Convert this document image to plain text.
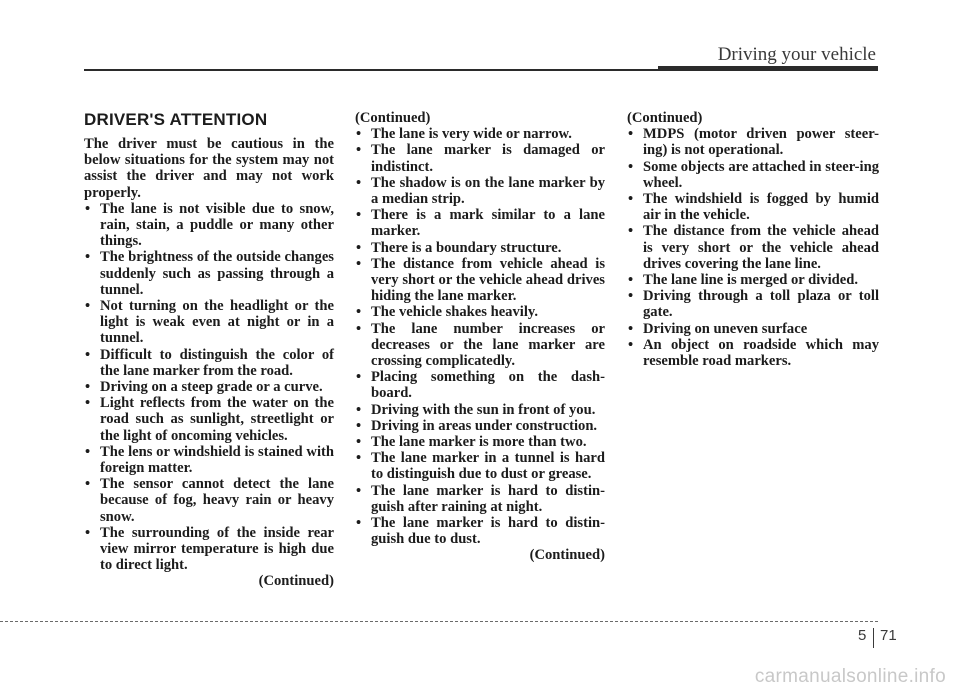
Driving your vehicle
DRIVER'S ATTENTION
The driver must be cautious in the below situations for the system may not assist the driver and may not work properly.
• The lane is not visible due to snow, rain, stain, a puddle or many other things.
• The brightness of the outside changes suddenly such as passing through a tunnel.
• Not turning on the headlight or the light is weak even at night or in a tunnel.
• Difficult to distinguish the color of the lane marker from the road.
• Driving on a steep grade or a curve.
• Light reflects from the water on the road such as sunlight, streetlight or the light of oncoming vehicles.
• The lens or windshield is stained with foreign matter.
• The sensor cannot detect the lane because of fog, heavy rain or heavy snow.
• The surrounding of the inside rear view mirror temperature is high due to direct light.
(Continued)
(Continued)
• The lane is very wide or narrow.
• The lane marker is damaged or indistinct.
• The shadow is on the lane marker by a median strip.
• There is a mark similar to a lane marker.
• There is a boundary structure.
• The distance from vehicle ahead is very short or the vehicle ahead drives hiding the lane marker.
• The vehicle shakes heavily.
• The lane number increases or decreases or the lane marker are crossing complicatedly.
• Placing something on the dash-board.
• Driving with the sun in front of you.
• Driving in areas under construction.
• The lane marker is more than two.
• The lane marker in a tunnel is hard to distinguish due to dust or grease.
• The lane marker is hard to distin-guish after raining at night.
• The lane marker is hard to distin-guish due to dust.
(Continued)
(Continued)
• MDPS (motor driven power steer-ing) is not operational.
• Some objects are attached in steer-ing wheel.
• The windshield is fogged by humid air in the vehicle.
• The distance from the vehicle ahead is very short or the vehicle ahead drives covering the lane line.
• The lane line is merged or divided.
• Driving through a toll plaza or toll gate.
• Driving on uneven surface
• An object on roadside which may resemble road markers.
5 71
carmanualsonline.info
